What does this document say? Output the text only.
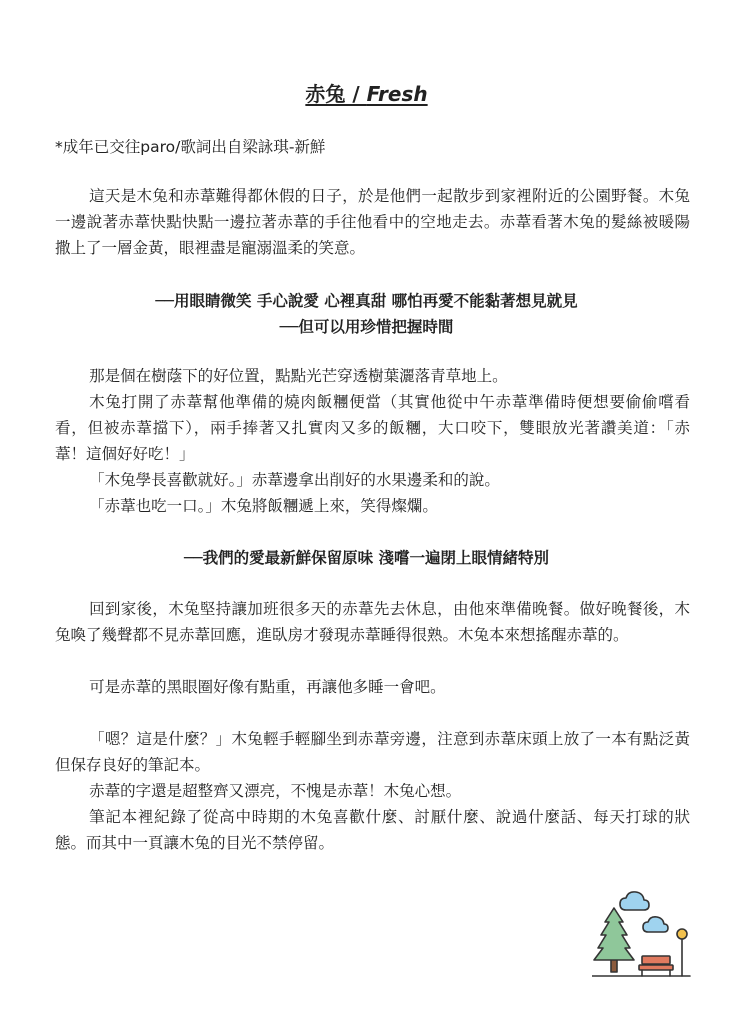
赤兔 / Fresh
*成年已交往paro/歌詞出自梁詠琪-新鮮
這天是木兔和赤葦難得都休假的日子，於是他們一起散步到家裡附近的公園野餐。木兔一邊說著赤葦快點快點一邊拉著赤葦的手往他看中的空地走去。赤葦看著木兔的髮絲被暖陽撒上了一層金黃，眼裡盡是寵溺溫柔的笑意。
──用眼睛微笑 手心說愛 心裡真甜 哪怕再愛不能黏著想見就見
──但可以用珍惜把握時間
那是個在樹蔭下的好位置，點點光芒穿透樹葉灑落青草地上。
木兔打開了赤葦幫他準備的燒肉飯糰便當（其實他從中午赤葦準備時便想要偷偷嚐看看，但被赤葦擋下），兩手捧著又扎實肉又多的飯糰，大口咬下，雙眼放光著讚美道：「赤葦！這個好好吃！」
「木兔學長喜歡就好。」赤葦邊拿出削好的水果邊柔和的說。
「赤葦也吃一口。」木兔將飯糰遞上來，笑得燦爛。
──我們的愛最新鮮保留原味 淺嚐一遍閉上眼情緒特別
回到家後，木兔堅持讓加班很多天的赤葦先去休息，由他來準備晚餐。做好晚餐後，木兔喚了幾聲都不見赤葦回應，進臥房才發現赤葦睡得很熟。木兔本來想搖醒赤葦的。
可是赤葦的黑眼圈好像有點重，再讓他多睡一會吧。
「嗯？這是什麼？」木兔輕手輕腳坐到赤葦旁邊，注意到赤葦床頭上放了一本有點泛黃但保存良好的筆記本。
赤葦的字還是超整齊又漂亮，不愧是赤葦！木兔心想。
筆記本裡紀錄了從高中時期的木兔喜歡什麼、討厭什麼、說過什麼話、每天打球的狀態。而其中一頁讓木兔的目光不禁停留。
